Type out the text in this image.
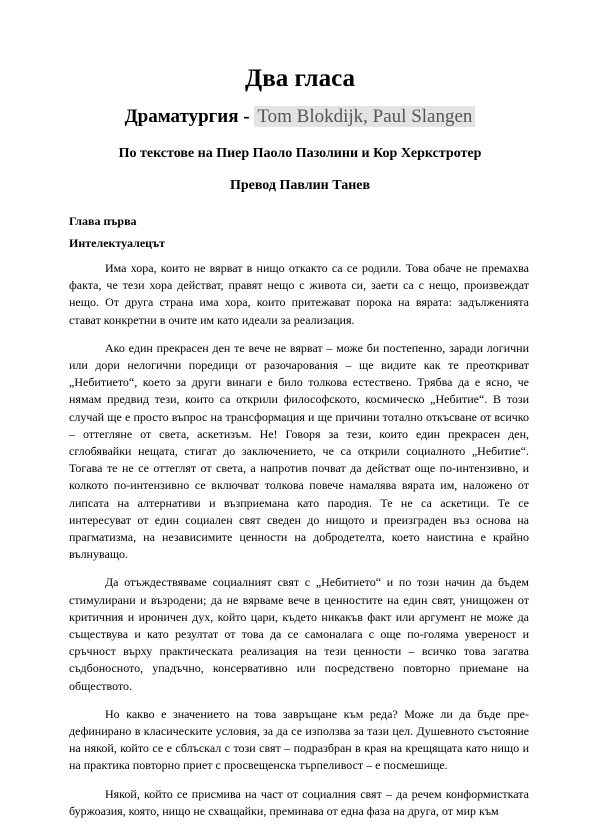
Два гласа
Драматургия - Tom Blokdijk, Paul Slangen

По текстове на Пиер Паоло Пазолини и Кор Херкстротер

Превод Павлин Танев

Глава първа

Интелектуалецът

Има хора, които не вярват в нищо откакто са се родили. Това обаче не премахва факта, че тези хора действат, правят нещо с живота си, заети са с нещо, произвеждат нещо. От друга страна има хора, които притежават порока на вярата: задълженията стават конкретни в очите им като идеали за реализация.

Ако един прекрасен ден те вече не вярват – може би постепенно, заради логични или дори нелогични поредици от разочарования – ще видите как те преоткриват „Небитието“, което за други винаги е било толкова естествено. Трябва да е ясно, че нямам предвид тези, които са открили философското, космическо „Небитие“. В този случай ще е просто въпрос на трансформация и ще причини тотално откъсване от всичко – оттегляне от света, аскетизъм. Не! Говоря за тези, които един прекрасен ден, сглобявайки нещата, стигат до заключението, че са открили социалното „Небитие“. Тогава те не се оттеглят от света, а напротив почват да действат още по-интензивно, и колкото по-интензивно се включват толкова повече намалява вярата им, наложено от липсата на алтернативи и възприемана като пародия. Те не са аскетици. Те се интересуват от един социален свят сведен до нищото и преизграден въз основа на прагматизма, на независимите ценности на добродетелта, което наистина е крайно вълнуващо.

Да отъждествяваме социалният свят с „Небитието“ и по този начин да бъдем стимулирани и възродени; да не вярваме вече в ценностите на един свят, унищожен от критичния и ироничен дух, който цари, където никакъв факт или аргумент не може да съществува и като резултат от това да се самоналага с още по-голяма увереност и сръчност върху практическата реализация на тези ценности – всичко това загатва съдбоносното, упадъчно, консервативно или посредствено повторно приемане на обществото.

Но какво е значението на това завръщане към реда? Може ли да бъде пре-дефинирано в класическите условия, за да се използва за тази цел. Душевното състояние на някой, който се е сблъскал с този свят – подразбран в края на крещящата като нищо и на практика повторно приет с просвещенска търпеливост – е посмешище.

Някой, който се присмива на част от социалния свят – да речем конформистката буржоазия, която, нищо не схващайки, преминава от една фаза на друга, от мир към
